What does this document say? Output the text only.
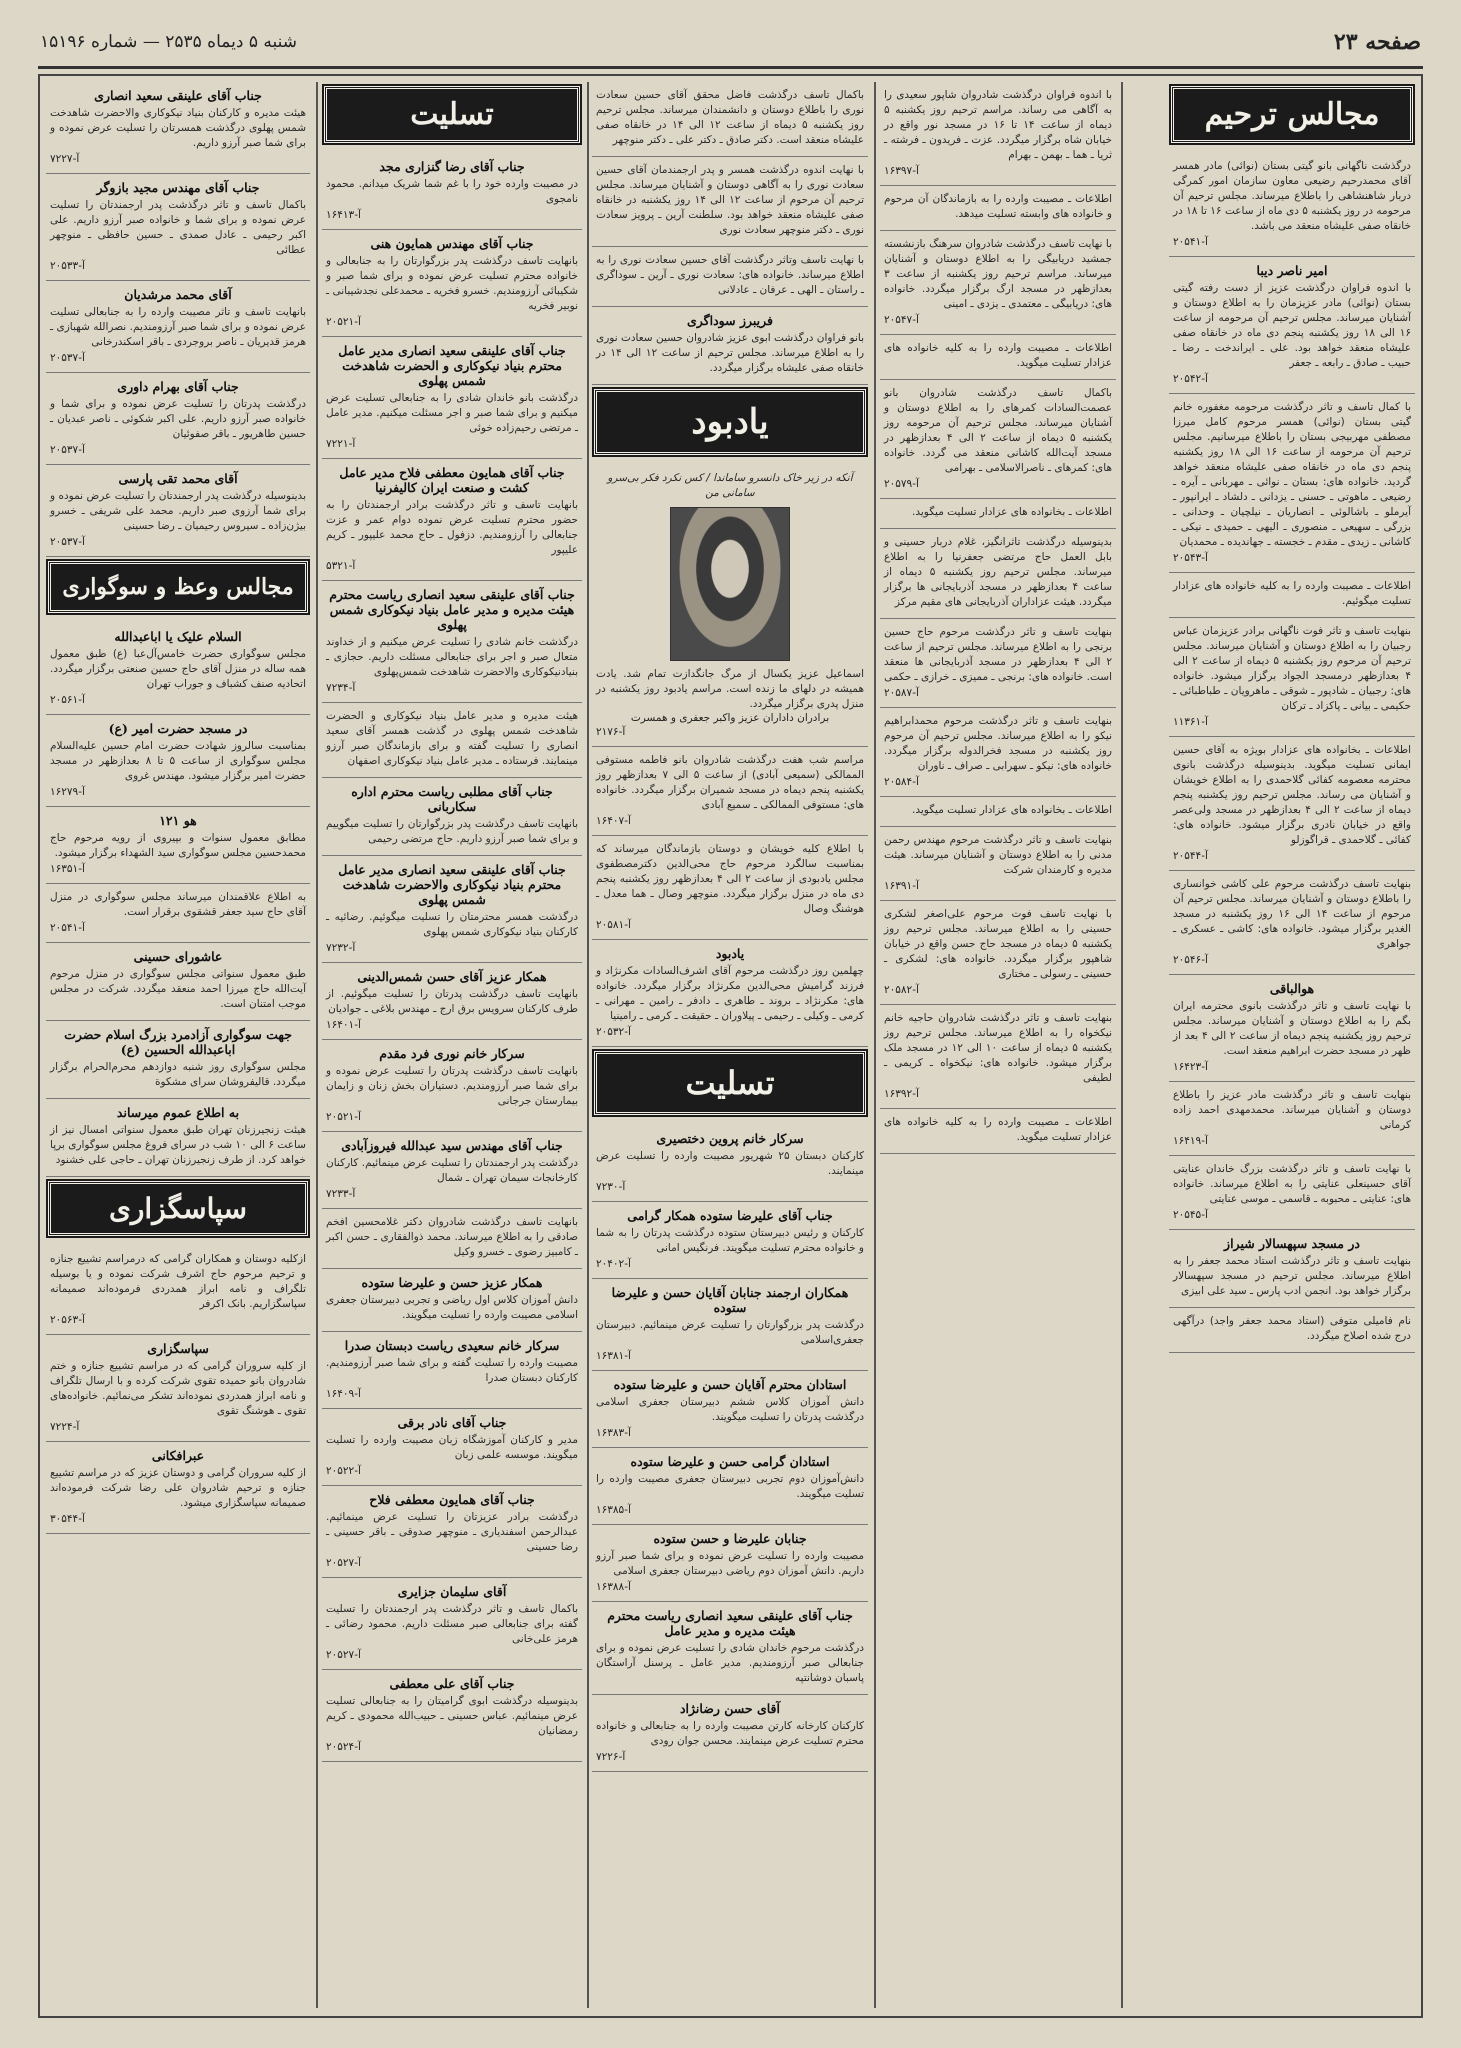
صفحه ۲۳
شنبه ۵ دیماه ۲۵۳۵ — شماره ۱۵۱۹۶
مجالس ترحیم
درگذشت ناگهانی بانو گیتی بستان (نوائی) مادر همسر آقای محمدرحیم رضیعی معاون سازمان امور کمرگی دربار شاهنشاهی را باطلاع میرساند. مجلس ترحیم آن مرحومه در روز یکشنبه ۵ دی ماه از ساعت ۱۶ تا ۱۸ در خانقاه صفی علیشاه منعقد می باشد.
آ-۲۰۵۴۱
امیر ناصر دیبا
با اندوه فراوان درگذشت عزیز از دست رفته گیتی بستان (نوائی) مادر عزیزمان را به اطلاع دوستان و آشنایان میرساند. مجلس ترحیم آن مرحومه از ساعت ۱۶ الی ۱۸ روز یکشنبه پنجم دی ماه در خانقاه صفی علیشاه منعقد خواهد بود. علی ـ ایراندخت ـ رضا ـ حبیب ـ صادق ـ رابعه ـ جعفر
آ-۲۰۵۴۲
با کمال تاسف و تاثر درگذشت مرحومه مغفوره خانم گیتی بستان (نوائی) همسر مرحوم کامل میرزا مصطفی مهربیجی بستان را باطلاع میرسانیم. مجلس ترحیم آن مرحومه از ساعت ۱۶ الی ۱۸ روز یکشنبه پنجم دی ماه در خانقاه صفی علیشاه منعقد خواهد گردید. خانواده های: بستان ـ نوائی ـ مهربانی ـ آیره ـ رضیعی ـ ماهوتی ـ حسنی ـ یزدانی ـ دلشاد ـ ایرانپور ـ آیرملو ـ باشالوئی ـ انصاریان ـ نیلچیان ـ وحدانی ـ بزرگی ـ سهیعی ـ منصوری ـ الیهی ـ حمیدی ـ نیکی ـ کاشانی ـ زیدی ـ مقدم ـ خجسته ـ جهاندیده ـ محمدیان
آ-۲۰۵۴۳
اطلاعات ـ مصیبت وارده را به کلیه خانواده های عزادار تسلیت میگوئیم.
بنهایت تاسف و تاثر فوت ناگهانی برادر عزیزمان عباس رجبیان را به اطلاع دوستان و آشنایان میرساند. مجلس ترحیم آن مرحوم روز یکشنبه ۵ دیماه از ساعت ۲ الی ۴ بعدازظهر درمسجد الجواد برگزار میشود. خانواده های: رجبیان ـ شادپور ـ شوقی ـ ماهرویان ـ طباطبائی ـ حکیمی ـ بیانی ـ پاکزاد ـ ترکان
آ-۱۱۳۶۱
اطلاعات ـ بخانواده های عزادار بویژه به آقای حسین ایمانی تسلیت میگوید. بدینوسیله درگذشت بانوی محترمه معصومه کفائی گلاحمدی را به اطلاع خویشان و آشنایان می رساند. مجلس ترحیم روز یکشنبه پنجم دیماه از ساعت ۲ الی ۴ بعدازظهر در مسجد ولی‌عصر واقع در خیابان نادری برگزار میشود. خانواده های: کفائی ـ گلاحمدی ـ قراگوزلو
آ-۲۰۵۴۴
بنهایت تاسف درگذشت مرحوم علی کاشی خوانساری را باطلاع دوستان و آشنایان میرساند. مجلس ترحیم آن مرحوم از ساعت ۱۴ الی ۱۶ روز یکشنبه در مسجد الغدیر برگزار میشود. خانواده های: کاشی ـ عسکری ـ جواهری
آ-۲۰۵۴۶
هوالباقی
با نهایت تاسف و تاثر درگذشت بانوی محترمه ایران بگم را به اطلاع دوستان و آشنایان میرساند. مجلس ترحیم روز یکشنبه پنجم دیماه از ساعت ۲ الی ۴ بعد از ظهر در مسجد حضرت ابراهیم منعقد است.
آ-۱۶۴۲۳
بنهایت تاسف و تاثر درگذشت مادر عزیز را باطلاع دوستان و آشنایان میرساند. محمدمهدی احمد زاده کرمانی
آ-۱۶۴۱۹
با نهایت تاسف و تاثر درگذشت بزرگ خاندان عنایتی آقای حسینعلی عنایتی را به اطلاع میرساند. خانواده های: عنایتی ـ محبوبه ـ قاسمی ـ موسی عنایتی
آ-۲۰۵۴۵
در مسجد سپهسالار شیراز
بنهایت تاسف و تاثر درگذشت استاد محمد جعفر را به اطلاع میرساند. مجلس ترحیم در مسجد سپهسالار برگزار خواهد بود. انجمن ادب پارس ـ سید علی ابیزی
نام فامیلی متوفی (استاد محمد جعفر واجد) درآگهی درج شده اصلاح میگردد.
با اندوه فراوان درگذشت شادروان شاپور سعیدی را به آگاهی می رساند. مراسم ترحیم روز یکشنبه ۵ دیماه از ساعت ۱۴ تا ۱۶ در مسجد نور واقع در خیابان شاه برگزار میگردد. عزت ـ فریدون ـ فرشته ـ ثریا ـ هما ـ بهمن ـ بهرام
آ-۱۶۳۹۷
اطلاعات ـ مصیبت وارده را به بازماندگان آن مرحوم و خانواده های وابسته تسلیت میدهد.
با نهایت تاسف درگذشت شادروان سرهنگ بازنشسته جمشید دریابیگی را به اطلاع دوستان و آشنایان میرساند. مراسم ترحیم روز یکشنبه از ساعت ۳ بعدازظهر در مسجد ارگ برگزار میگردد. خانواده های: دریابیگی ـ معتمدی ـ یزدی ـ امینی
آ-۲۰۵۴۷
اطلاعات ـ مصیبت وارده را به کلیه خانواده های عزادار تسلیت میگوید.
باکمال تاسف درگذشت شادروان بانو عصمت‌السادات کمرهای را به اطلاع دوستان و آشنایان میرساند. مجلس ترحیم آن مرحومه روز یکشنبه ۵ دیماه از ساعت ۲ الی ۴ بعدازظهر در مسجد آیت‌الله کاشانی منعقد می گردد. خانواده های: کمرهای ـ ناصرالاسلامی ـ بهرامی
آ-۲۰۵۷۹
اطلاعات ـ بخانواده های عزادار تسلیت میگوید.
بدینوسیله درگذشت تاثرانگیز، غلام دربار حسینی و بابل العمل حاج مرتضی جعفرنیا را به اطلاع میرساند. مجلس ترحیم روز یکشنبه ۵ دیماه از ساعت ۴ بعدازظهر در مسجد آذربایجانی ها برگزار میگردد. هیئت عزاداران آذربایجانی های مقیم مرکز
بنهایت تاسف و تاثر درگذشت مرحوم حاج حسین برنجی را به اطلاع میرساند. مجلس ترحیم از ساعت ۲ الی ۴ بعدازظهر در مسجد آذربایجانی ها منعقد است. خانواده های: برنجی ـ ممیزی ـ خرازی ـ حکمی
آ-۲۰۵۸۷
بنهایت تاسف و تاثر درگذشت مرحوم محمدابراهیم نیکو را به اطلاع میرساند. مجلس ترحیم آن مرحوم روز یکشنبه در مسجد فخرالدوله برگزار میگردد. خانواده های: نیکو ـ سهرابی ـ صراف ـ ناوران
آ-۲۰۵۸۴
اطلاعات ـ بخانواده های عزادار تسلیت میگوید.
بنهایت تاسف و تاثر درگذشت مرحوم مهندس رحمن مدنی را به اطلاع دوستان و آشنایان میرساند. هیئت مدیره و کارمندان شرکت
آ-۱۶۳۹۱
با نهایت تاسف فوت مرحوم علی‌اصغر لشکری حسینی را به اطلاع میرساند. مجلس ترحیم روز یکشنبه ۵ دیماه در مسجد حاج حسن واقع در خیابان شاهپور برگزار میگردد. خانواده های: لشکری ـ حسینی ـ رسولی ـ مختاری
آ-۲۰۵۸۲
بنهایت تاسف و تاثر درگذشت شادروان حاجیه خانم نیکخواه را به اطلاع میرساند. مجلس ترحیم روز یکشنبه ۵ دیماه از ساعت ۱۰ الی ۱۲ در مسجد ملک برگزار میشود. خانواده های: نیکخواه ـ کریمی ـ لطیفی
آ-۱۶۳۹۲
اطلاعات ـ مصیبت وارده را به کلیه خانواده های عزادار تسلیت میگوید.
باکمال تاسف درگذشت فاضل محقق آقای حسین سعادت نوری را باطلاع دوستان و دانشمندان میرساند. مجلس ترحیم روز یکشنبه ۵ دیماه از ساعت ۱۲ الی ۱۴ در خانقاه صفی علیشاه منعقد است. دکتر صادق ـ دکتر علی ـ دکتر منوچهر
با نهایت اندوه درگذشت همسر و پدر ارجمندمان آقای حسین سعادت نوری را به آگاهی دوستان و آشنایان میرساند. مجلس ترحیم آن مرحوم از ساعت ۱۲ الی ۱۴ روز یکشنبه در خانقاه صفی علیشاه منعقد خواهد بود. سلطنت آرین ـ پرویز سعادت نوری ـ دکتر منوچهر سعادت نوری
با نهایت تاسف وتاثر درگذشت آقای حسین سعادت نوری را به اطلاع میرساند. خانواده های: سعادت نوری ـ آرین ـ سوداگری ـ راستان ـ الهی ـ عرفان ـ عادلانی
فریبرز سوداگری
بانو فراوان درگذشت ابوی عزیز شادروان حسین سعادت نوری را به اطلاع میرساند. مجلس ترحیم از ساعت ۱۲ الی ۱۴ در خانقاه صفی علیشاه برگزار میگردد.
یادبود
آنکه در زیر خاک دانسرو ساماندا / کس نکرد فکر بی‌سرو سامانی من
اسماعیل عزیز یکسال از مرگ جانگدازت تمام شد. یادت همیشه در دلهای ما زنده است. مراسم یادبود روز یکشنبه در منزل پدری برگزار میگردد.
برادران داداران عزیز واکبر جعفری و همسرت
آ-۲۱۷۶
مراسم شب هفت درگذشت شادروان بانو فاطمه مستوفی الممالکی (سمیعی آبادی) از ساعت ۵ الی ۷ بعدازظهر روز یکشنبه پنجم دیماه در مسجد شمیران برگزار میگردد. خانواده های: مستوفی الممالکی ـ سمیع آبادی
آ-۱۶۴۰۷
با اطلاع کلیه خویشان و دوستان بازماندگان میرساند که بمناسبت سالگرد مرحوم حاج محی‌الدین دکترمصطفوی مجلس یادبودی از ساعت ۲ الی ۴ بعدازظهر روز یکشنبه پنجم دی ماه در منزل برگزار میگردد. منوچهر وصال ـ هما معدل ـ هوشنگ وصال
آ-۲۰۵۸۱
یادبود
چهلمین روز درگذشت مرحوم آقای اشرف‌السادات مکرنژاد و فرزند گرامیش محی‌الدین مکرنژاد برگزار میگردد. خانواده های: مکرنژاد ـ بروند ـ طاهری ـ دادفر ـ رامین ـ مهرانی ـ کرمی ـ وکیلی ـ رحیمی ـ پیلاوران ـ حقیقت ـ کرمی ـ رامینیا
آ-۲۰۵۳۲
تسلیت
سرکار خانم پروین دختصیری
کارکنان دبستان ۲۵ شهریور مصیبت وارده را تسلیت عرض مینمایند.
آ-۷۲۳۰
جناب آقای علیرضا ستوده همکار گرامی
کارکنان و رئیس دبیرستان ستوده درگذشت پدرتان را به شما و خانواده محترم تسلیت میگویند. فرنگیس امانی
آ-۲۰۴۰۲
همکاران ارجمند جنابان آقایان حسن و علیرضا ستوده
درگذشت پدر بزرگوارتان را تسلیت عرض مینمائیم. دبیرستان جعفری‌اسلامی
آ-۱۶۳۸۱
استادان محترم آقایان حسن و علیرضا ستوده
دانش آموزان کلاس ششم دبیرستان جعفری اسلامی درگذشت پدرتان را تسلیت میگویند.
آ-۱۶۳۸۳
استادان گرامی حسن و علیرضا ستوده
دانش‌آموزان دوم تجربی دبیرستان جعفری مصیبت وارده را تسلیت میگویند.
آ-۱۶۳۸۵
جنابان علیرضا و حسن ستوده
مصیبت وارده را تسلیت عرض نموده و برای شما صبر آرزو داریم. دانش آموزان دوم ریاضی دبیرستان جعفری اسلامی
آ-۱۶۳۸۸
جناب آقای علینقی سعید انصاری ریاست محترم هیئت مدیره و مدیر عامل
درگذشت مرحوم خاندان شادی را تسلیت عرض نموده و برای جنابعالی صبر آرزومندیم. مدیر عامل ـ پرسنل آراستگان پاسبان دوشانتپه
آقای حسن رضانژاد
کارکنان کارخانه کارتن مصیبت وارده را به جنابعالی و خانواده محترم تسلیت عرض مینمایند. محسن جوان رودی
آ-۷۲۲۶
تسلیت
جناب آقای رضا گنزاری مجد
در مصیبت وارده خود را با غم شما شریک میدانم. محمود نامجوی
آ-۱۶۴۱۳
جناب آقای مهندس همایون هنی
بانهایت تاسف درگذشت پدر بزرگوارتان را به جنابعالی و خانواده محترم تسلیت عرض نموده و برای شما صبر و شکیبائی آرزومندیم. خسرو فخریه ـ محمدعلی نجدشیبانی ـ نوبیر فخریه
آ-۲۰۵۲۱
جناب آقای علینقی سعید انصاری مدیر عامل محترم بنیاد نیکوکاری و الحضرت شاهدخت شمس پهلوی
درگذشت بانو خاندان شادی را به جنابعالی تسلیت عرض میکنیم و برای شما صبر و اجر مسئلت میکنیم. مدیر عامل ـ مرتضی رحیم‌زاده خوئی
آ-۷۲۲۱
جناب آقای همایون معطفی فلاح مدیر عامل کشت و صنعت ایران کالیفرنیا
بانهایت تاسف و تاثر درگذشت برادر ارجمندتان را به حضور محترم تسلیت عرض نموده دوام عمر و عزت جنابعالی را آرزومندیم. دزفول ـ حاج محمد علیپور ـ کریم علیپور
آ-۵۳۲۱
جناب آقای علینقی سعید انصاری ریاست محترم هیئت مدیره و مدیر عامل بنیاد نیکوکاری شمس پهلوی
درگذشت خانم شادی را تسلیت عرض میکنیم و از خداوند متعال صبر و اجر برای جنابعالی مسئلت داریم. حجازی ـ بنیادنیکوکاری والاحضرت شاهدخت شمس‌پهلوی
آ-۷۲۳۴
هیئت مدیره و مدیر عامل بنیاد نیکوکاری و الحضرت شاهدخت شمس پهلوی در گذشت همسر آقای سعید انصاری را تسلیت گفته و برای بازماندگان صبر آرزو مینمایند. فرستاده ـ مدیر عامل بنیاد نیکوکاری اصفهان
جناب آقای مطلبی ریاست محترم اداره سکاربانی
بانهایت تاسف درگذشت پدر بزرگوارتان را تسلیت میگوییم و برای شما صبر آرزو داریم. حاج مرتضی رحیمی
جناب آقای علینقی سعید انصاری مدیر عامل محترم بنیاد نیکوکاری والاحضرت شاهدخت شمس پهلوی
درگذشت همسر محترمتان را تسلیت میگوئیم. رضائیه ـ کارکنان بنیاد نیکوکاری شمس پهلوی
آ-۷۲۳۲
همکار عزیز آقای حسن شمس‌الدینی
بانهایت تاسف درگذشت پدرتان را تسلیت میگوئیم. از طرف کارکنان سرویس برق ارج ـ مهندس بلاغی ـ جوادیان
آ-۱۶۴۰۱
سرکار خانم نوری فرد مقدم
بانهایت تاسف درگذشت پدرتان را تسلیت عرض نموده و برای شما صبر آرزومندیم. دستیاران بخش زنان و زایمان بیمارستان جرجانی
آ-۲۰۵۲۱
جناب آقای مهندس سید عبدالله فیروزآبادی
درگذشت پدر ارجمندتان را تسلیت عرض مینمائیم. کارکنان کارخانجات سیمان تهران ـ شمال
آ-۷۲۳۳
بانهایت تاسف درگذشت شادروان دکتر غلامحسین افخم صادقی را به اطلاع میرساند. محمد ذوالفقاری ـ حسن اکبر ـ کامبیز رضوی ـ خسرو وکیل
همکار عزیز حسن و علیرضا ستوده
دانش آموزان کلاس اول ریاضی و تجربی دبیرستان جعفری اسلامی مصیبت وارده را تسلیت میگویند.
سرکار خانم سعیدی ریاست دبستان صدرا
مصیبت وارده را تسلیت گفته و برای شما صبر آرزومندیم. کارکنان دبستان صدرا
آ-۱۶۴۰۹
جناب آقای نادر برقی
مدیر و کارکنان آموزشگاه زبان مصیبت وارده را تسلیت میگویند. موسسه علمی زبان
آ-۲۰۵۲۲
جناب آقای همایون معطفی فلاح
درگذشت برادر عزیزتان را تسلیت عرض مینمائیم. عبدالرحمن اسفندیاری ـ منوچهر صدوقی ـ باقر حسینی ـ رضا حسینی
آ-۲۰۵۲۷
آقای سلیمان جزایری
باکمال تاسف و تاثر درگذشت پدر ارجمندتان را تسلیت گفته برای جنابعالی صبر مسئلت داریم. محمود رضائی ـ هرمز علی‌خانی
آ-۲۰۵۲۷
جناب آقای علی معطفی
بدینوسیله درگذشت ابوی گرامیتان را به جنابعالی تسلیت عرض مینمائیم. عباس حسینی ـ حبیب‌الله محمودی ـ کریم رمضانیان
آ-۲۰۵۲۴
جناب آقای علینقی سعید انصاری
هیئت مدیره و کارکنان بنیاد نیکوکاری والاحضرت شاهدخت شمس پهلوی درگذشت همسرتان را تسلیت عرض نموده و برای شما صبر آرزو داریم.
آ-۷۲۲۷
جناب آقای مهندس مجید بازوگر
باکمال تاسف و تاثر درگذشت پدر ارجمندتان را تسلیت عرض نموده و برای شما و خانواده صبر آرزو داریم. علی اکبر رحیمی ـ عادل صمدی ـ حسین حافظی ـ منوچهر عطائی
آ-۲۰۵۳۳
آقای محمد مرشدیان
بانهایت تاسف و تاثر مصیبت وارده را به جنابعالی تسلیت عرض نموده و برای شما صبر آرزومندیم. نصرالله شهبازی ـ هرمز قدیریان ـ ناصر بروجردی ـ باقر اسکندرخانی
آ-۲۰۵۳۷
جناب آقای بهرام داوری
درگذشت پدرتان را تسلیت عرض نموده و برای شما و خانواده صبر آرزو داریم. علی اکبر شکوئی ـ ناصر عبدیان ـ حسین طاهریور ـ باقر صفوئیان
آ-۲۰۵۳۷
آقای محمد تقی پارسی
بدینوسیله درگذشت پدر ارجمندتان را تسلیت عرض نموده و برای شما آرزوی صبر داریم. محمد علی شریفی ـ خسرو بیژن‌زاده ـ سیروس رحیمیان ـ رضا حسینی
آ-۲۰۵۳۷
مجالس وعظ و سوگواری
السلام علیک یا اباعبدالله
مجلس سوگواری حضرت خامس‌آل‌عبا (ع) طبق معمول همه ساله در منزل آقای حاج حسین صنعتی برگزار میگردد. اتحادیه صنف کشباف و جوراب تهران
آ-۲۰۵۶۱
در مسجد حضرت امیر (ع)
بمناسبت سالروز شهادت حضرت امام حسین علیه‌السلام مجلس سوگواری از ساعت ۵ تا ۸ بعدازظهر در مسجد حضرت امیر برگزار میشود. مهندس غروی
آ-۱۶۲۷۹
هو ۱۲۱
مطابق معمول سنوات و بپیروی از رویه مرحوم حاج محمدحسین مجلس سوگواری سید الشهداء برگزار میشود.
آ-۱۶۳۵۱
به اطلاع علاقمندان میرساند مجلس سوگواری در منزل آقای حاج سید جعفر قشقوی برقرار است.
آ-۲۰۵۴۱
عاشورای حسینی
طبق معمول سنواتی مجلس سوگواری در منزل مرحوم آیت‌الله حاج میرزا احمد منعقد میگردد. شرکت در مجلس موجب امتنان است.
جهت سوگواری آزادمرد بزرگ اسلام حضرت اباعبدالله الحسین (ع)
مجلس سوگواری روز شنبه دوازدهم محرم‌الحرام برگزار میگردد. قالیفروشان سرای مشکوة
به اطلاع عموم میرساند
هیئت زنجیرزنان تهران طبق معمول سنواتی امسال نیز از ساعت ۶ الی ۱۰ شب در سرای فروغ مجلس سوگواری برپا خواهد کرد. از طرف زنجیرزنان تهران ـ حاجی علی خشنود
سپاسگزاری
ازکلیه دوستان و همکاران گرامی که درمراسم تشییع جنازه و ترحیم مرحوم حاج اشرف شرکت نموده و یا بوسیله تلگراف و نامه ابراز همدردی فرموده‌اند صمیمانه سپاسگزاریم. بانک اکرفر
آ-۲۰۵۶۳
سپاسگزاری
از کلیه سروران گرامی که در مراسم تشییع جنازه و ختم شادروان بانو حمیده تقوی شرکت کرده و با ارسال تلگراف و نامه ابراز همدردی نموده‌اند تشکر می‌نمائیم. خانواده‌های تقوی ـ هوشنگ تقوی
آ-۷۲۲۴
عبرافکانی
از کلیه سروران گرامی و دوستان عزیز که در مراسم تشییع جنازه و ترحیم شادروان علی رضا شرکت فرموده‌اند صمیمانه سپاسگزاری میشود.
آ-۳۰۵۴۴
